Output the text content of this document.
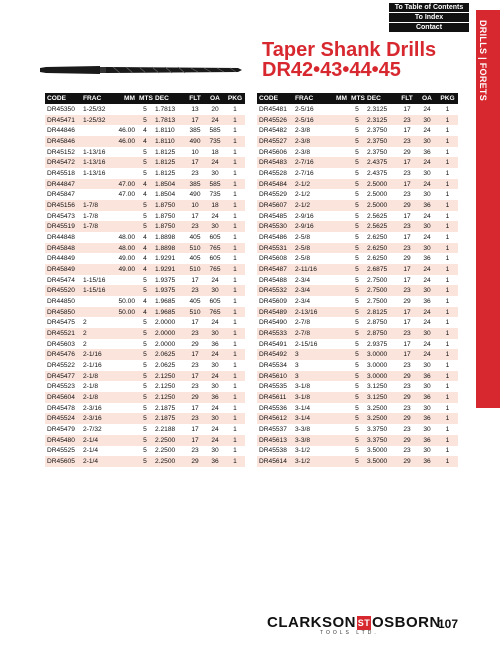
To Table of Contents
To Index
Contact	DRILLS | FORETS
Taper Shank Drills
DR42•43•44•45
CODE	FRAC	MM	MTS	DEC	FLT	OA	PKG
DR45350	1-25/32		5	1.7813	13	20	1
DR45471	1-25/32		5	1.7813	17	24	1
DR44846		46.00	4	1.8110	385	585	1
DR45846		46.00	4	1.8110	490	735	1
DR45152	1-13/16		5	1.8125	10	18	1
DR45472	1-13/16		5	1.8125	17	24	1
DR45518	1-13/16		5	1.8125	23	30	1
DR44847		47.00	4	1.8504	385	585	1
DR45847		47.00	4	1.8504	490	735	1
DR45156	1-7/8		5	1.8750	10	18	1
DR45473	1-7/8		5	1.8750	17	24	1
DR45519	1-7/8		5	1.8750	23	30	1
DR44848		48.00	4	1.8898	405	605	1
DR45848		48.00	4	1.8898	510	765	1
DR44849		49.00	4	1.9291	405	605	1
DR45849		49.00	4	1.9291	510	765	1
DR45474	1-15/16		5	1.9375	17	24	1
DR45520	1-15/16		5	1.9375	23	30	1
DR44850		50.00	4	1.9685	405	605	1
DR45850		50.00	4	1.9685	510	765	1
DR45475	2		5	2.0000	17	24	1
DR45521	2		5	2.0000	23	30	1
DR45603	2		5	2.0000	29	36	1
DR45476	2-1/16		5	2.0625	17	24	1
DR45522	2-1/16		5	2.0625	23	30	1
DR45477	2-1/8		5	2.1250	17	24	1
DR45523	2-1/8		5	2.1250	23	30	1
DR45604	2-1/8		5	2.1250	29	36	1
DR45478	2-3/16		5	2.1875	17	24	1
DR45524	2-3/16		5	2.1875	23	30	1
DR45479	2-7/32		5	2.2188	17	24	1
DR45480	2-1/4		5	2.2500	17	24	1
DR45525	2-1/4		5	2.2500	23	30	1
DR45605	2-1/4		5	2.2500	29	36	1
CODE	FRAC	MM	MTS	DEC	FLT	OA	PKG
DR45481	2-5/16		5	2.3125	17	24	1
DR45526	2-5/16		5	2.3125	23	30	1
DR45482	2-3/8		5	2.3750	17	24	1
DR45527	2-3/8		5	2.3750	23	30	1
DR45606	2-3/8		5	2.3750	29	36	1
DR45483	2-7/16		5	2.4375	17	24	1
DR45528	2-7/16		5	2.4375	23	30	1
DR45484	2-1/2		5	2.5000	17	24	1
DR45529	2-1/2		5	2.5000	23	30	1
DR45607	2-1/2		5	2.5000	29	36	1
DR45485	2-9/16		5	2.5625	17	24	1
DR45530	2-9/16		5	2.5625	23	30	1
DR45486	2-5/8		5	2.6250	17	24	1
DR45531	2-5/8		5	2.6250	23	30	1
DR45608	2-5/8		5	2.6250	29	36	1
DR45487	2-11/16		5	2.6875	17	24	1
DR45488	2-3/4		5	2.7500	17	24	1
DR45532	2-3/4		5	2.7500	23	30	1
DR45609	2-3/4		5	2.7500	29	36	1
DR45489	2-13/16		5	2.8125	17	24	1
DR45490	2-7/8		5	2.8750	17	24	1
DR45533	2-7/8		5	2.8750	23	30	1
DR45491	2-15/16		5	2.9375	17	24	1
DR45492	3		5	3.0000	17	24	1
DR45534	3		5	3.0000	23	30	1
DR45610	3		5	3.0000	29	36	1
DR45535	3-1/8		5	3.1250	23	30	1
DR45611	3-1/8		5	3.1250	29	36	1
DR45536	3-1/4		5	3.2500	23	30	1
DR45612	3-1/4		5	3.2500	29	36	1
DR45537	3-3/8		5	3.3750	23	30	1
DR45613	3-3/8		5	3.3750	29	36	1
DR45538	3-1/2		5	3.5000	23	30	1
DR45614	3-1/2		5	3.5000	29	36	1
CLARKSON ST OSBORN
TOOLS LTD.
107
